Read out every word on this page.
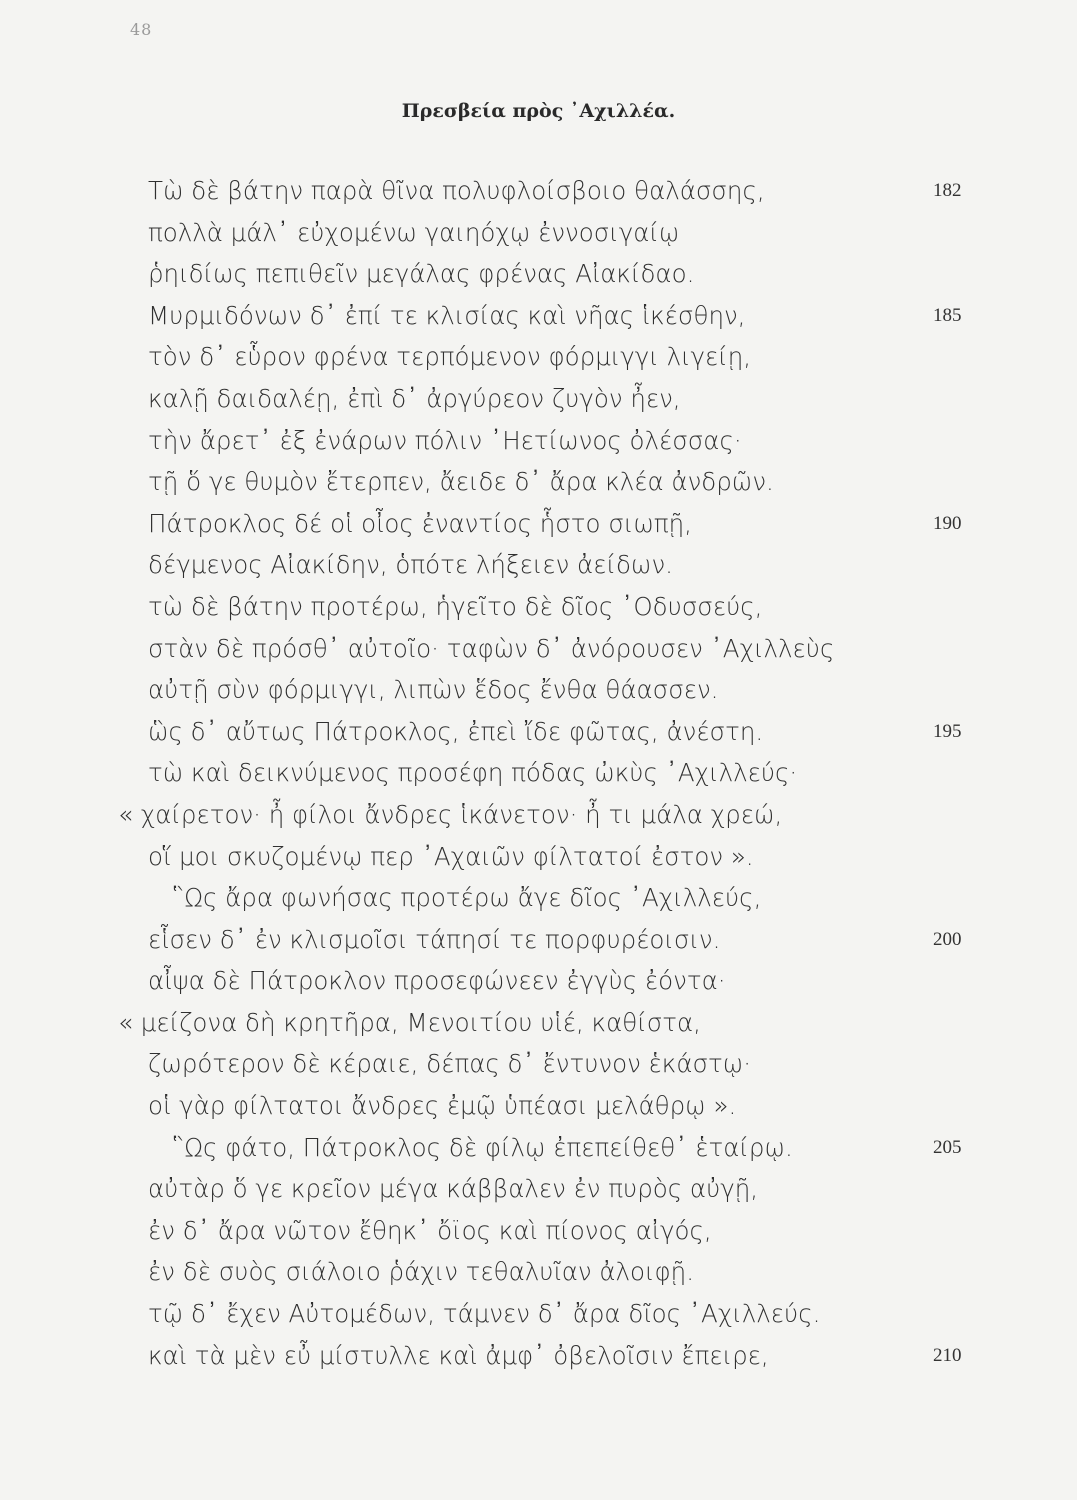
48
Πρεσβεία πρὸς ᾿Αχιλλέα.
Τὼ δὲ βάτην παρὰ θῖνα πολυφλοίσβοιο θαλάσσης,	182
πολλὰ μάλ᾿ εὐχομένω γαιηόχῳ ἐννοσιγαίῳ
ῥηιδίως πεπιθεῖν μεγάλας φρένας Αἰακίδαο.
Μυρμιδόνων δ᾿ ἐπί τε κλισίας καὶ νῆας ἱκέσθην,	185
τὸν δ᾿ εὗρον φρένα τερπόμενον φόρμιγγι λιγείῃ,
καλῇ δαιδαλέῃ, ἐπὶ δ᾿ ἀργύρεον ζυγὸν ἦεν,
τὴν ἄρετ᾿ ἐξ ἐνάρων πόλιν ᾿Ηετίωνος ὀλέσσας·
τῇ ὅ γε θυμὸν ἔτερπεν, ἄειδε δ᾿ ἄρα κλέα ἀνδρῶν.
Πάτροκλος δέ οἱ οἶος ἐναντίος ἧστο σιωπῇ,	190
δέγμενος Αἰακίδην, ὁπότε λήξειεν ἀείδων.
τὼ δὲ βάτην προτέρω, ἡγεῖτο δὲ δῖος ᾿Οδυσσεύς,
στὰν δὲ πρόσθ᾿ αὐτοῖο· ταφὼν δ᾿ ἀνόρουσεν ᾿Αχιλλεὺς
αὐτῇ σὺν φόρμιγγι, λιπὼν ἕδος ἔνθα θάασσεν.
ὣς δ᾿ αὔτως Πάτροκλος, ἐπεὶ ἴδε φῶτας, ἀνέστη.	195
τὼ καὶ δεικνύμενος προσέφη πόδας ὠκὺς ᾿Αχιλλεύς·
« χαίρετον· ἦ φίλοι ἄνδρες ἱκάνετον· ἦ τι μάλα χρεώ,
οἵ μοι σκυζομένῳ περ ᾿Αχαιῶν φίλτατοί ἐστον ».
῝Ως ἄρα φωνήσας προτέρω ἄγε δῖος ᾿Αχιλλεύς,
εἷσεν δ᾿ ἐν κλισμοῖσι τάπησί τε πορφυρέοισιν.	200
αἶψα δὲ Πάτροκλον προσεφώνεεν ἐγγὺς ἐόντα·
« μείζονα δὴ κρητῆρα, Μενοιτίου υἱέ, καθίστα,
ζωρότερον δὲ κέραιε, δέπας δ᾿ ἔντυνον ἑκάστῳ·
οἱ γὰρ φίλτατοι ἄνδρες ἐμῷ ὑπέασι μελάθρῳ ».
῝Ως φάτο, Πάτροκλος δὲ φίλῳ ἐπεπείθεθ᾿ ἑταίρῳ.	205
αὐτὰρ ὅ γε κρεῖον μέγα κάββαλεν ἐν πυρὸς αὐγῇ,
ἐν δ᾿ ἄρα νῶτον ἔθηκ᾿ ὄϊος καὶ πίονος αἰγός,
ἐν δὲ συὸς σιάλοιο ῥάχιν τεθαλυῖαν ἀλοιφῇ.
τῷ δ᾿ ἔχεν Αὐτομέδων, τάμνεν δ᾿ ἄρα δῖος ᾿Αχιλλεύς.
καὶ τὰ μὲν εὖ μίστυλλε καὶ ἀμφ᾿ ὀβελοῖσιν ἔπειρε,	210
